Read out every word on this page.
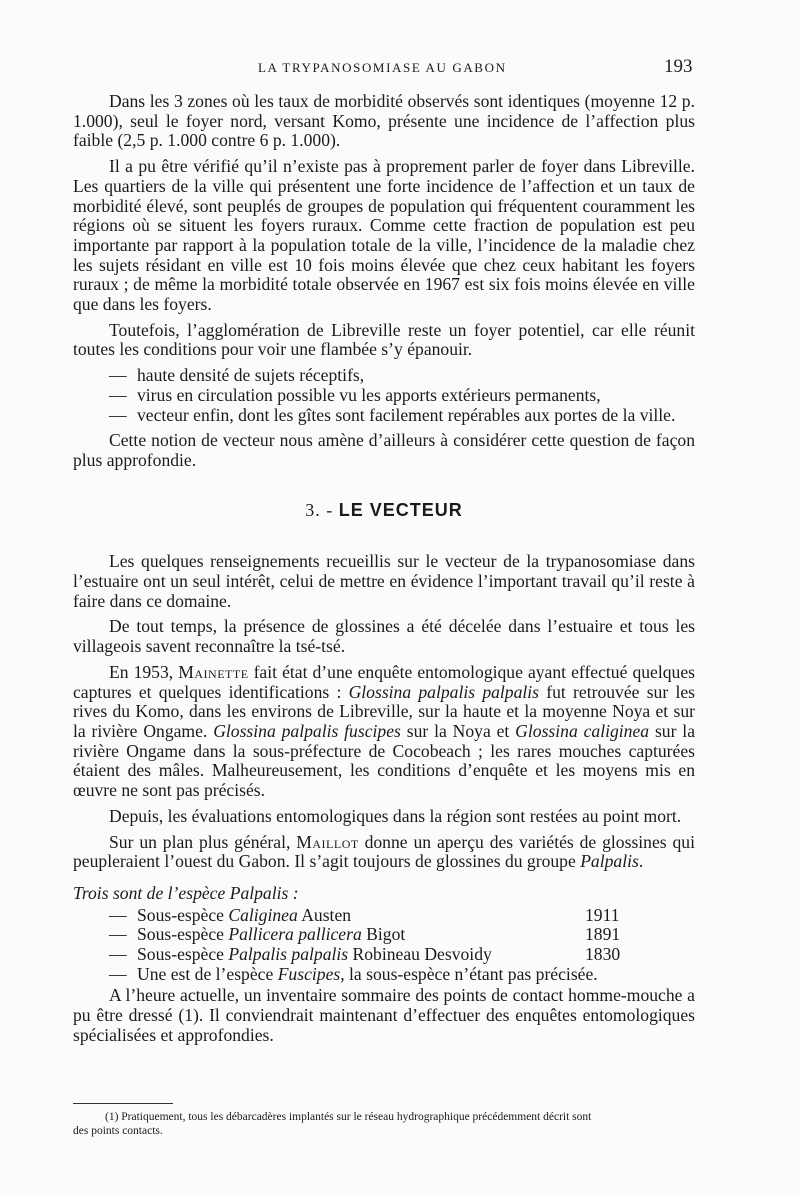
LA TRYPANOSOMIASE AU GABON	193

Dans les 3 zones où les taux de morbidité observés sont identiques (moyenne 12 p. 1.000), seul le foyer nord, versant Komo, présente une incidence de l’affection plus faible (2,5 p. 1.000 contre 6 p. 1.000).

Il a pu être vérifié qu’il n’existe pas à proprement parler de foyer dans Libreville. Les quartiers de la ville qui présentent une forte incidence de l’affection et un taux de morbidité élevé, sont peuplés de groupes de population qui fréquentent couramment les régions où se situent les foyers ruraux. Comme cette fraction de population est peu importante par rapport à la population totale de la ville, l’incidence de la maladie chez les sujets résidant en ville est 10 fois moins élevée que chez ceux habitant les foyers ruraux ; de même la morbidité totale observée en 1967 est six fois moins élevée en ville que dans les foyers.

Toutefois, l’agglomération de Libreville reste un foyer potentiel, car elle réunit toutes les conditions pour voir une flambée s’y épanouir.

— haute densité de sujets réceptifs,
— virus en circulation possible vu les apports extérieurs permanents,
— vecteur enfin, dont les gîtes sont facilement repérables aux portes de la ville.

Cette notion de vecteur nous amène d’ailleurs à considérer cette question de façon plus approfondie.

3. - LE VECTEUR

Les quelques renseignements recueillis sur le vecteur de la trypanosomiase dans l’estuaire ont un seul intérêt, celui de mettre en évidence l’important travail qu’il reste à faire dans ce domaine.

De tout temps, la présence de glossines a été décelée dans l’estuaire et tous les villageois savent reconnaître la tsé-tsé.

En 1953, Mainette fait état d’une enquête entomologique ayant effectué quelques captures et quelques identifications : Glossina palpalis palpalis fut retrouvée sur les rives du Komo, dans les environs de Libreville, sur la haute et la moyenne Noya et sur la rivière Ongame. Glossina palpalis fuscipes sur la Noya et Glossina caliginea sur la rivière Ongame dans la sous-préfecture de Cocobeach ; les rares mouches capturées étaient des mâles. Malheureusement, les conditions d’enquête et les moyens mis en œuvre ne sont pas précisés.

Depuis, les évaluations entomologiques dans la région sont restées au point mort.

Sur un plan plus général, Maillot donne un aperçu des variétés de glossines qui peupleraient l’ouest du Gabon. Il s’agit toujours de glossines du groupe Palpalis.

Trois sont de l’espèce Palpalis :

— Sous-espèce Caliginea Austen	1911
— Sous-espèce Pallicera pallicera Bigot	1891
— Sous-espèce Palpalis palpalis Robineau Desvoidy	1830
— Une est de l’espèce Fuscipes, la sous-espèce n’étant pas précisée.

A l’heure actuelle, un inventaire sommaire des points de contact homme-mouche a pu être dressé (1). Il conviendrait maintenant d’effectuer des enquêtes entomologiques spécialisées et approfondies.

(1) Pratiquement, tous les débarcadères implantés sur le réseau hydrographique précédemment décrit sont
des points contacts.
